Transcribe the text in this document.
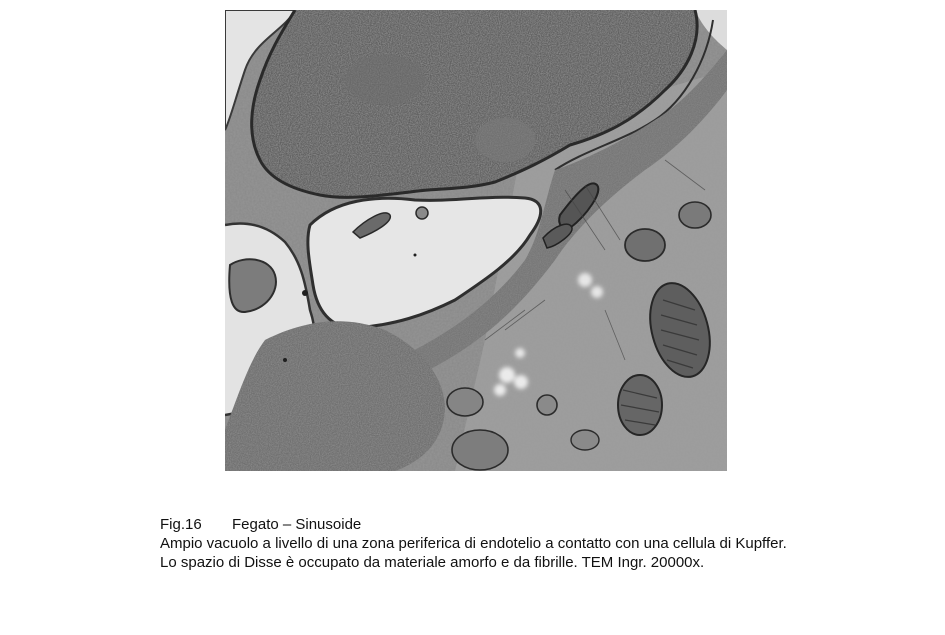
Fig.16 Fegato – Sinusoide
Ampio vacuolo a livello di una zona periferica di endotelio a contatto con una cellula di Kupffer.
Lo spazio di Disse è occupato da materiale amorfo e da fibrille. TEM Ingr. 20000x.
